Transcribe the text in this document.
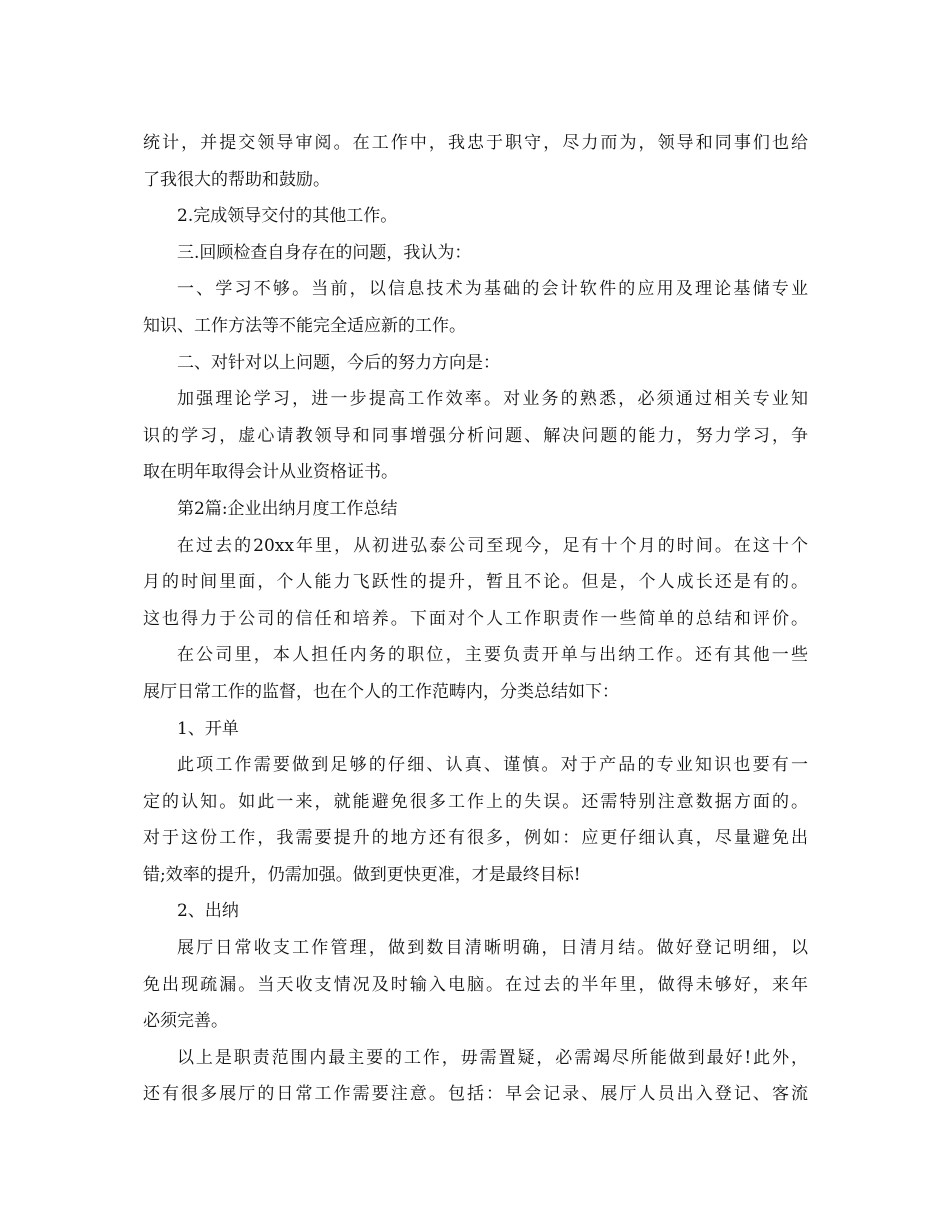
统计，并提交领导审阅。在工作中，我忠于职守，尽力而为，领导和同事们也给
了我很大的帮助和鼓励。
2.完成领导交付的其他工作。
三.回顾检查自身存在的问题，我认为：
一、学习不够。当前，以信息技术为基础的会计软件的应用及理论基储专业
知识、工作方法等不能完全适应新的工作。
二、对针对以上问题，今后的努力方向是：
加强理论学习，进一步提高工作效率。对业务的熟悉，必须通过相关专业知
识的学习，虚心请教领导和同事增强分析问题、解决问题的能力，努力学习，争
取在明年取得会计从业资格证书。
第2篇:企业出纳月度工作总结
在过去的20xx年里，从初进弘泰公司至现今，足有十个月的时间。在这十个
月的时间里面，个人能力飞跃性的提升，暂且不论。但是，个人成长还是有的。
这也得力于公司的信任和培养。下面对个人工作职责作一些简单的总结和评价。
在公司里，本人担任内务的职位，主要负责开单与出纳工作。还有其他一些
展厅日常工作的监督，也在个人的工作范畴内，分类总结如下：
1、开单
此项工作需要做到足够的仔细、认真、谨慎。对于产品的专业知识也要有一
定的认知。如此一来，就能避免很多工作上的失误。还需特别注意数据方面的。
对于这份工作，我需要提升的地方还有很多，例如：应更仔细认真，尽量避免出
错;效率的提升，仍需加强。做到更快更准，才是最终目标!
2、出纳
展厅日常收支工作管理，做到数目清晰明确，日清月结。做好登记明细，以
免出现疏漏。当天收支情况及时输入电脑。在过去的半年里，做得未够好，来年
必须完善。
以上是职责范围内最主要的工作，毋需置疑，必需竭尽所能做到最好!此外，
还有很多展厅的日常工作需要注意。包括：早会记录、展厅人员出入登记、客流
